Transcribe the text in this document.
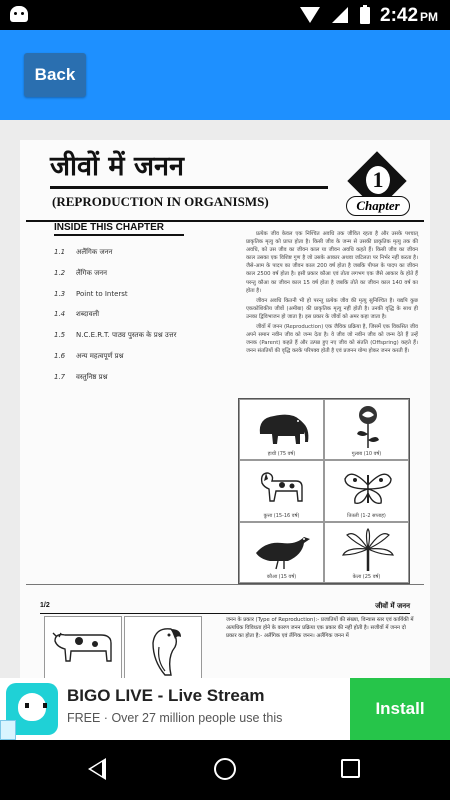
2:42 PM
Back
जीवों में जनन
(REPRODUCTION IN ORGANISMS)
1
Chapter
INSIDE THIS CHAPTER
1.1	अलैंगिक जनन
1.2	लैंगिक जनन
1.3	Point to Interst
1.4	शब्दावली
1.5	N.C.E.R.T. पाठ्य पुस्तक के प्रश्न उत्तर
1.6	अन्य महत्वपूर्ण प्रश्न
1.7	वस्तुनिष्ठ प्रश्न

प्रत्येक जीव केवल एक निश्चित अवधि तक जीवित रहता है और उसके पश्चात् प्राकृतिक मृत्यु को प्राप्त होता है। किसी जीव के जन्म से उसकी प्राकृतिक मृत्यु तक की अवधि, को उस जीव का जीवन काल या जीवन अवधि कहते हैं। किसी जीव का जीवन काल उसका एक विशिष्ट गुण है जो उसके आकार अथवा जटिलता पर निर्भर नहीं करता है। जैसे-आम के पादप का जीवन काल 200 वर्ष होता है जबकि पीपल के पादप का जीवन काल 2500 वर्ष होता है। इसी प्रकार कौआ एवं तोता लगभग एक जैसे आकार के होते हैं परन्तु कौआ का जीवन काल 15 वर्ष होता है जबकि तोते का जीवन काल 140 वर्ष का होता है।

जीवन अवधि कितनी भी हो परन्तु प्रत्येक जीव की मृत्यु सुनिश्चित है। यद्यपि कुछ एककोशिकीय जीवों (अमीबा) की प्राकृतिक मृत्यु नहीं होती है। उनकी वृद्धि के साथ ही उनका द्विविभाजन हो जाता है। इस प्रकार के जीवों को अमर कहा जाता है।

जीवों में जनन (Reproduction) एक जैविक प्रक्रिया है, जिसमें एक विकसित जीव अपने समान नवीन जीव को जन्म देता है। वे जीव जो नवीन जीव को जन्म देते हैं उन्हें जनक (Parent) कहते हैं और उत्पन्न हुए नए जीव को संतति (Offspring) कहते हैं। जनन संततियों की वृद्धि करके परिपक्व होती है एवं प्रजनन योग्य होकर जनन करती हैं।

हाथी (75 वर्ष)	गुलाब (10 वर्ष)
कुत्ता (15-16 वर्ष)	तितली (1-2 सप्ताह)
कौआ (15 वर्ष)	केला (25 वर्ष)
1/2	जीवों में जनन
जनन के प्रकार (Type of Reproduction):- प्रजातियों की संख्या, विन्यास स्तर एवं कार्यिकी में अत्यधिक विविधता होने के कारण जनन प्रक्रिया एक प्रकार की नहीं होती है। सजीवों में जनन दो प्रकार का होता है:- अलैंगिक एवं लैंगिक जनन। अलैंगिक जनन में
BIGO LIVE - Live Stream
FREE · Over 27 million people use this	Install
